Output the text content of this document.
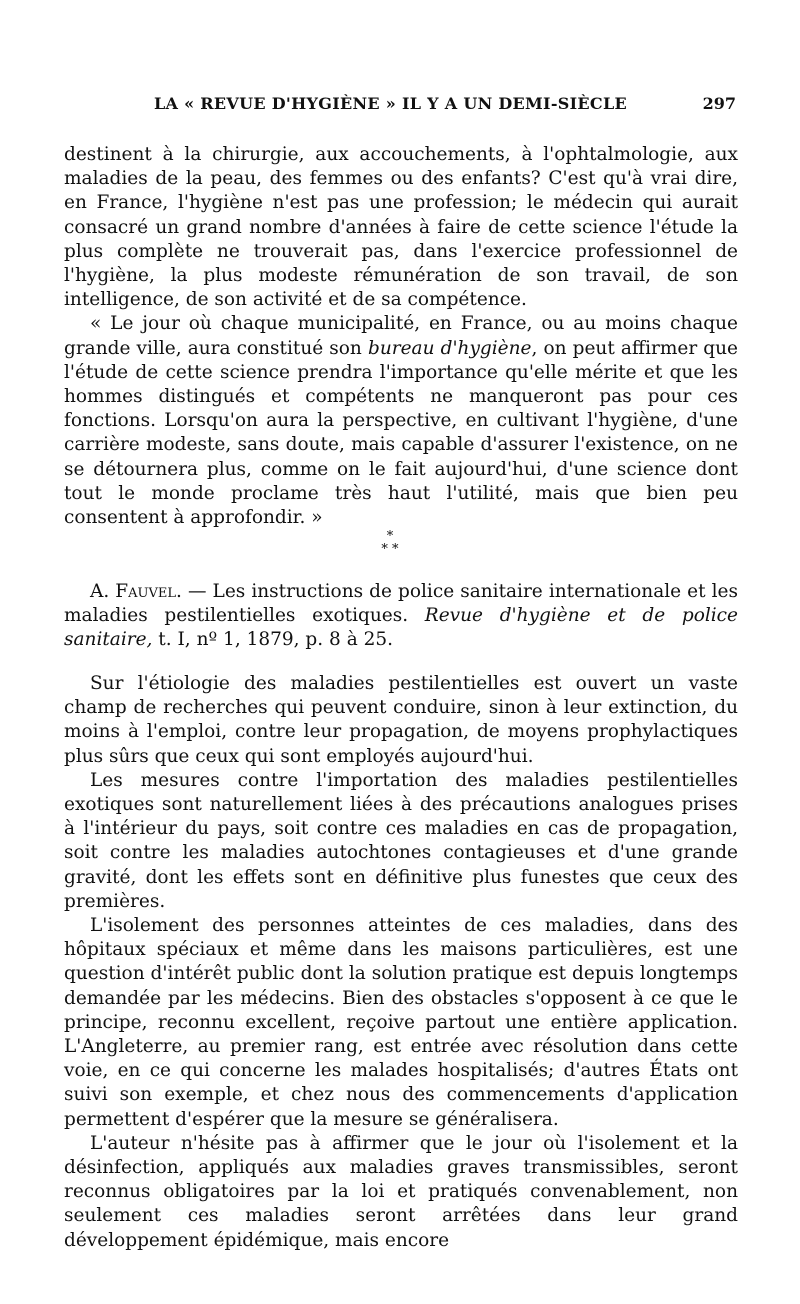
LA « REVUE D'HYGIÈNE » IL Y A UN DEMI-SIÈCLE	297

destinent à la chirurgie, aux accouchements, à l'ophtalmologie, aux maladies de la peau, des femmes ou des enfants? C'est qu'à vrai dire, en France, l'hygiène n'est pas une profession; le médecin qui aurait consacré un grand nombre d'années à faire de cette science l'étude la plus complète ne trouverait pas, dans l'exercice professionnel de l'hygiène, la plus modeste rémunération de son travail, de son intelligence, de son activité et de sa compétence.

« Le jour où chaque municipalité, en France, ou au moins chaque grande ville, aura constitué son bureau d'hygiène, on peut affirmer que l'étude de cette science prendra l'importance qu'elle mérite et que les hommes distingués et compétents ne manqueront pas pour ces fonctions. Lorsqu'on aura la perspective, en cultivant l'hygiène, d'une carrière modeste, sans doute, mais capable d'assurer l'existence, on ne se détournera plus, comme on le fait aujourd'hui, d'une science dont tout le monde proclame très haut l'utilité, mais que bien peu consentent à approfondir. »

*
* *

A. Fauvel. — Les instructions de police sanitaire internationale et les maladies pestilentielles exotiques. Revue d'hygiène et de police sanitaire, t. I, nº 1, 1879, p. 8 à 25.

Sur l'étiologie des maladies pestilentielles est ouvert un vaste champ de recherches qui peuvent conduire, sinon à leur extinction, du moins à l'emploi, contre leur propagation, de moyens prophylactiques plus sûrs que ceux qui sont employés aujourd'hui.

Les mesures contre l'importation des maladies pestilentielles exotiques sont naturellement liées à des précautions analogues prises à l'intérieur du pays, soit contre ces maladies en cas de propagation, soit contre les maladies autochtones contagieuses et d'une grande gravité, dont les effets sont en définitive plus funestes que ceux des premières.

L'isolement des personnes atteintes de ces maladies, dans des hôpitaux spéciaux et même dans les maisons particulières, est une question d'intérêt public dont la solution pratique est depuis longtemps demandée par les médecins. Bien des obstacles s'opposent à ce que le principe, reconnu excellent, reçoive partout une entière application. L'Angleterre, au premier rang, est entrée avec résolution dans cette voie, en ce qui concerne les malades hospitalisés; d'autres États ont suivi son exemple, et chez nous des commencements d'application permettent d'espérer que la mesure se généralisera.

L'auteur n'hésite pas à affirmer que le jour où l'isolement et la désinfection, appliqués aux maladies graves transmissibles, seront reconnus obligatoires par la loi et pratiqués convenablement, non seulement ces maladies seront arrêtées dans leur grand développement épidémique, mais encore
